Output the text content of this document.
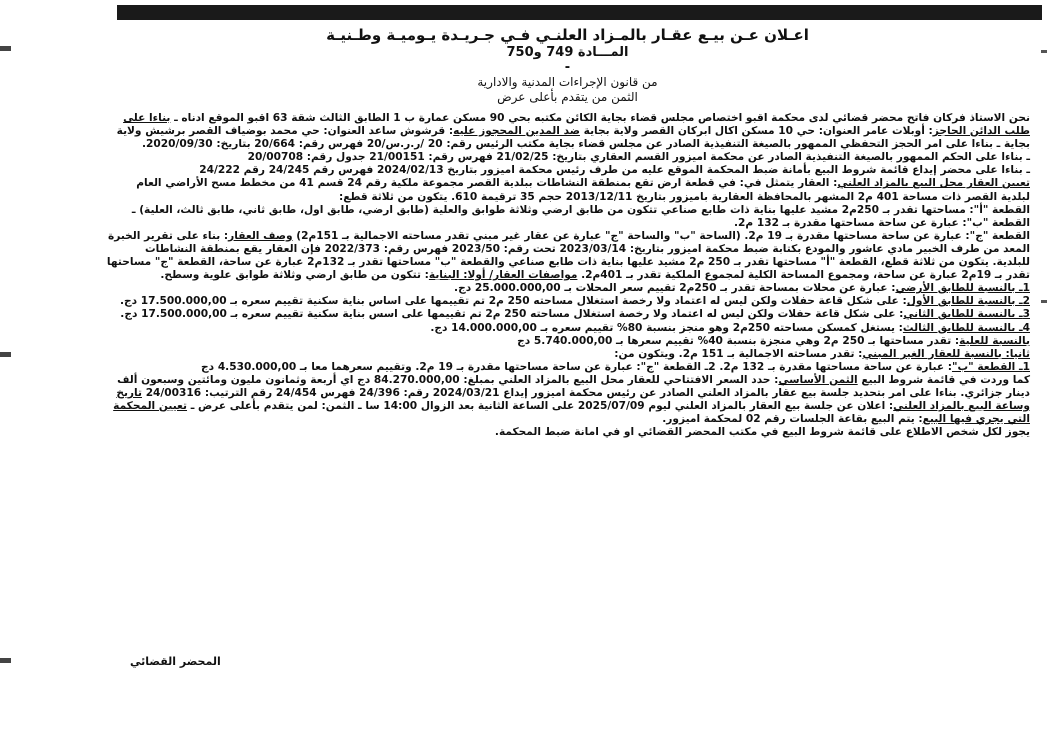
اعـلان عـن بيـع عقـار بالمـزاد العلنـي فـي جـريـدة يـوميـة وطـنيـة
المـــادة 749 و750
-
من قانون الإجراءات المدنية والادارية
الثمن من يتقدم بأعلى عرض

نحن الاستاذ فركان فاتح محضر قضائي لدى محكمة اقبو اختصاص مجلس قضاء بجاية الكائن مكتبه بحي 90 مسكن عمارة ب 1 الطابق الثالث شقة 63 اقبو الموقع ادناه ـ بناءا على طلب الدائن الحاجز: أوبلات عامر العنوان: حي 10 مسكن اكال ابركان القصر ولاية بجاية ضد المدين المحجوز عليه: قرشوش ساعد العنوان: حي محمد بوضياف القصر برشيش ولاية بجاية ـ بناءا على امر الحجز التحفظي الممهور بالصيغة التنفيذية الصادر عن مجلس قضاء بجاية مكتب الرئيس رقم: 20 /ر.ر.س/20 فهرس رقم: 20/664 بتاريخ: 2020/09/30.

ـ بناءا على الحكم الممهور بالصيغة التنفيذية الصادر عن محكمة اميزور القسم العقاري بتاريخ: 21/02/25 فهرس رقم: 21/00151 جدول رقم: 20/00708

ـ بناءا على محضر إيداع قائمة شروط البيع بأمانة ضبط المحكمة الموقع عليه من طرف رئيس محكمة اميزور بتاريخ 2024/02/13 فهرس رقم 24/245 رقم 24/222

تعيين العقار محل البيع بالمزاد العلني: العقار يتمثل في: في قطعة ارض تقع بمنطقة النشاطات ببلدية القصر مجموعة ملكية رقم 24 قسم 41 من مخطط مسح الأراضي العام لبلدية القصر ذات مساحة 401 م2 المشهر بالمحافظة العقارية باميزور بتاريخ 2013/12/11 حجم 35 ترقيمة 610. يتكون من ثلاثة قطع:

القطعة "أ": مساحتها تقدر بـ 250م2 مشيد عليها بناية ذات طابع صناعي تتكون من طابق ارضي وثلاثة طوابق والعلية (طابق ارضي، طابق اول، طابق ثاني، طابق ثالث، العلية) ـ القطعة "ب": عبارة عن ساحة مساحتها مقدرة بـ 132 م2.

القطعة "ج": عبارة عن ساحة مساحتها مقدرة بـ 19 م2. (الساحة "ب" والساحة "ج" عبارة عن عقار غير مبني تقدر مساحته الاجمالية بـ 151م2) وصف العقار: بناء على تقرير الخبرة المعد من طرف الخبير مادي عاشور والمودع بكتابة ضبط محكمة اميزور بتاريخ: 2023/03/14 تحت رقم: 2023/50 فهرس رقم: 2022/373 فإن العقار يقع بمنطقة النشاطات للبلدية. يتكون من ثلاثة قطع، القطعة "أ" مساحتها تقدر بـ 250 م2 مشيد عليها بناية ذات طابع صناعي والقطعة "ب" مساحتها تقدر بـ 132م2 عبارة عن ساحة، القطعة "ج" مساحتها تقدر بـ 19م2 عبارة عن ساحة، ومجموع المساحة الكلية لمجموع الملكية تقدر بـ 401م2. مواصفات العقار/ أولا: البناية: تتكون من طابق ارضي وثلاثة طوابق علوية وسطح.

1ـ بالنسبة للطابق الأرضي: عبارة عن محلات بمساحة تقدر بـ 250م2 تقييم سعر المحلات بـ 25.000.000,00 دج.

2ـ بالنسبة للطابق الأول: على شكل قاعة حفلات ولكن ليس له اعتماد ولا رخصة استغلال مساحته 250 م2 تم تقييمها على اساس بناية سكنية تقييم سعره بـ 17.500.000,00 دج.

3ـ بالنسبة للطابق الثاني: على شكل قاعة حفلات ولكن ليس له اعتماد ولا رخصة استغلال مساحته 250 م2 تم تقييمها على اسس بناية سكنية تقييم سعره بـ 17.500.000,00 دج.

4ـ بالنسبة للطابق الثالث: يستغل كمسكن مساحته 250م2 وهو منجز بنسبة 80% تقييم سعره بـ 14.000.000,00 دج.

بالنسبة للعلية: تقدر مساحتها بـ 250 م2 وهي منجزة بنسبة 40% تقييم سعرها بـ 5.740.000,00 دج

ثانيا: بالنسبة للعقار الغير المبني: تقدر مساحته الاجمالية بـ 151 م2. ويتكون من:

1ـ القطعة "ب": عبارة عن ساحة مساحتها مقدرة بـ 132 م2. 2ـ القطعة "ج": عبارة عن ساحة مساحتها مقدرة بـ 19 م2. وتقييم سعرهما معا بـ 4.530.000,00 دج

كما وردت في قائمة شروط البيع الثمن الأساسي: حدد السعر الافتتاحي للعقار محل البيع بالمزاد العلني بمبلغ: 84.270.000,00 دج اي أربعة وثمانون مليون ومائتين وسبعون ألف دينار جزائري. بناءا على امر بتحديد جلسة بيع عقار بالمزاد العلني الصادر عن رئيس محكمة اميزور إيداع 2024/03/21 رقم: 24/396 فهرس 24/454 رقم الترتيب: 24/00316 تاريخ وساعة البيع بالمزاد العلني: اعلان عن جلسة بيع العقار بالمزاد العلني ليوم 2025/07/09 على الساعة الثانية بعد الزوال 14:00 سا ـ الثمن: لمن يتقدم بأعلى عرض ـ تعيين المحكمة التي يجري فيها البيع: يتم البيع بقاعة الجلسات رقم 02 لمحكمة اميزور.

يجوز لكل شخص الاطلاع على قائمة شروط البيع في مكتب المحضر القضائي او في امانة ضبط المحكمة.

المحضر القضائي
